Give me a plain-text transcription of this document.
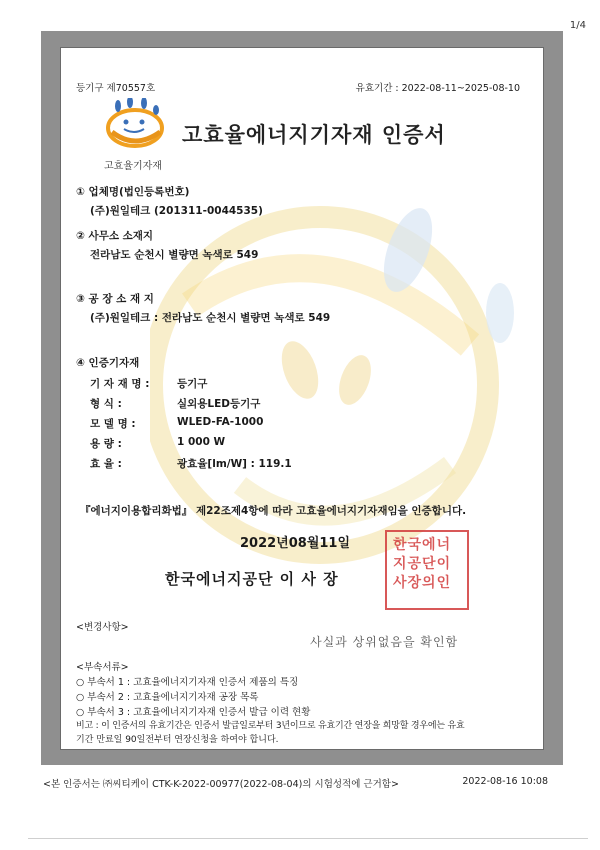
1/4
등기구 제70557호	유효기간 : 2022-08-11~2025-08-10
고효율기자재
고효율에너지기자재 인증서
① 업체명(법인등록번호)
(주)원일테크 (201311-0044535)
② 사무소 소재지
전라남도 순천시 별량면 녹색로 549
③ 공 장 소 재 지
(주)원일테크 : 전라남도 순천시 별량면 녹색로 549
④ 인증기자재
기 자 재 명 :	등기구
형 식 :	실외용LED등기구
모 델 명 :	WLED-FA-1000
용 량 :	1 000 W
효 율 :	광효율[lm/W] : 119.1
『에너지이용합리화법』 제22조제4항에 따라 고효율에너지기자재임을 인증합니다.
2022년08월11일
한국에너지공단 이 사 장
한국에너
지공단이
사장의인
<변경사항>
사실과 상위없음을 확인함
<부속서류>
○ 부속서 1 : 고효율에너지기자재 인증서 제품의 특징
○ 부속서 2 : 고효율에너지기자재 공장 목록
○ 부속서 3 : 고효율에너지기자재 인증서 발급 이력 현황
비고 : 이 인증서의 유효기간은 인증서 발급일로부터 3년이므로 유효기간 연장을 희망할 경우에는 유효
기간 만료일 90일전부터 연장신청을 하여야 합니다.
<본 인증서는 ㈜씨티케이 CTK-K-2022-00977(2022-08-04)의 시험성적에 근거함>	2022-08-16 10:08
